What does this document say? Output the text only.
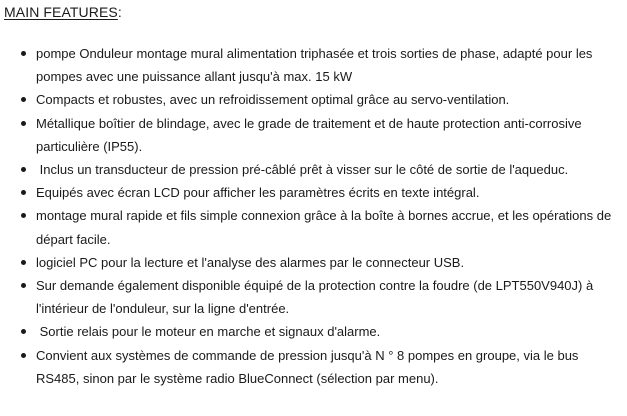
MAIN FEATURES:
pompe Onduleur montage mural alimentation triphasée et trois sorties de phase, adapté pour les pompes avec une puissance allant jusqu'à max. 15 kW
Compacts et robustes, avec un refroidissement optimal grâce au servo-ventilation.
Métallique boîtier de blindage, avec le grade de traitement et de haute protection anti-corrosive particulière (IP55).
Inclus un transducteur de pression pré-câblé prêt à visser sur le côté de sortie de l'aqueduc.
Equipés avec écran LCD pour afficher les paramètres écrits en texte intégral.
montage mural rapide et fils simple connexion grâce à la boîte à bornes accrue, et les opérations de départ facile.
logiciel PC pour la lecture et l'analyse des alarmes par le connecteur USB.
Sur demande également disponible équipé de la protection contre la foudre (de LPT550V940J) à l'intérieur de l'onduleur, sur la ligne d'entrée.
Sortie relais pour le moteur en marche et signaux d'alarme.
Convient aux systèmes de commande de pression jusqu'à N ° 8 pompes en groupe, via le bus RS485, sinon par le système radio BlueConnect (sélection par menu).
